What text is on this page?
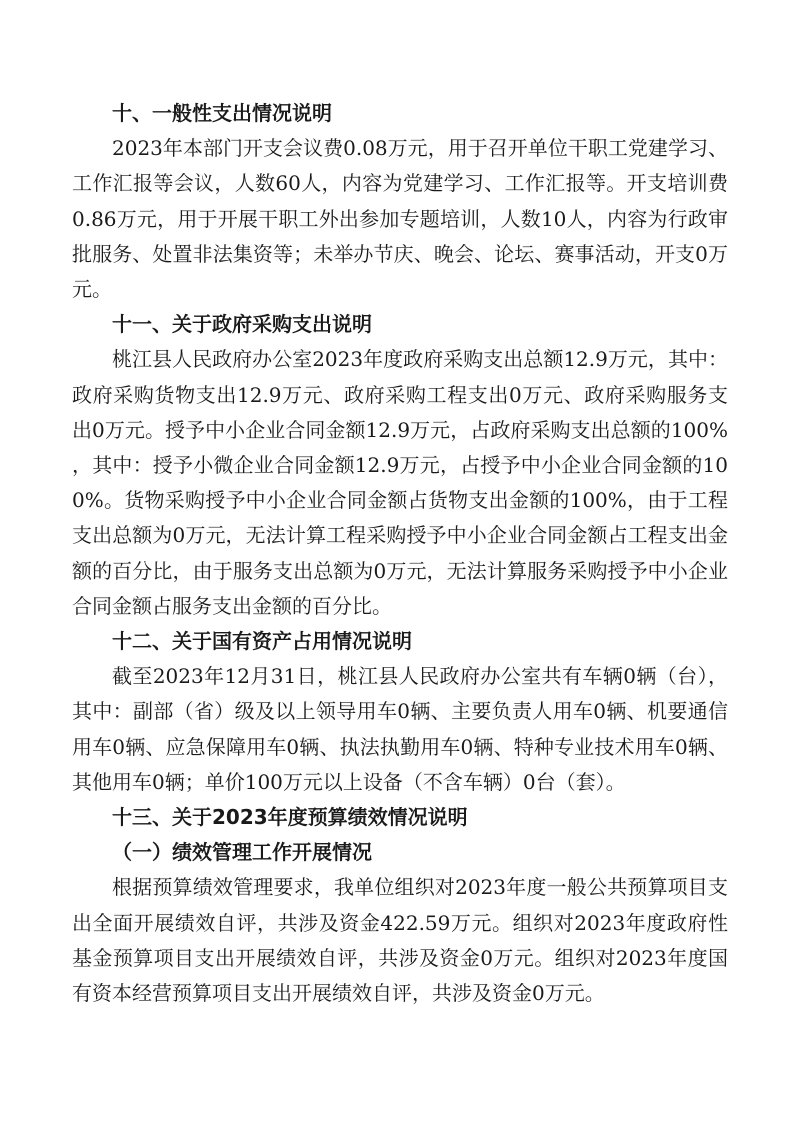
十、一般性支出情况说明

2023年本部门开支会议费0.08万元，用于召开单位干职工党建学习、工作汇报等会议，人数60人，内容为党建学习、工作汇报等。开支培训费0.86万元，用于开展干职工外出参加专题培训，人数10人，内容为行政审批服务、处置非法集资等；未举办节庆、晚会、论坛、赛事活动，开支0万元。

十一、关于政府采购支出说明

桃江县人民政府办公室2023年度政府采购支出总额12.9万元，其中：政府采购货物支出12.9万元、政府采购工程支出0万元、政府采购服务支出0万元。授予中小企业合同金额12.9万元，占政府采购支出总额的100%，其中：授予小微企业合同金额12.9万元，占授予中小企业合同金额的100%。货物采购授予中小企业合同金额占货物支出金额的100%，由于工程支出总额为0万元，无法计算工程采购授予中小企业合同金额占工程支出金额的百分比，由于服务支出总额为0万元，无法计算服务采购授予中小企业合同金额占服务支出金额的百分比。

十二、关于国有资产占用情况说明

截至2023年12月31日，桃江县人民政府办公室共有车辆0辆（台），其中：副部（省）级及以上领导用车0辆、主要负责人用车0辆、机要通信用车0辆、应急保障用车0辆、执法执勤用车0辆、特种专业技术用车0辆、其他用车0辆；单价100万元以上设备（不含车辆）0台（套）。

十三、关于2023年度预算绩效情况说明
（一）绩效管理工作开展情况

根据预算绩效管理要求，我单位组织对2023年度一般公共预算项目支出全面开展绩效自评，共涉及资金422.59万元。组织对2023年度政府性基金预算项目支出开展绩效自评，共涉及资金0万元。组织对2023年度国有资本经营预算项目支出开展绩效自评，共涉及资金0万元。
